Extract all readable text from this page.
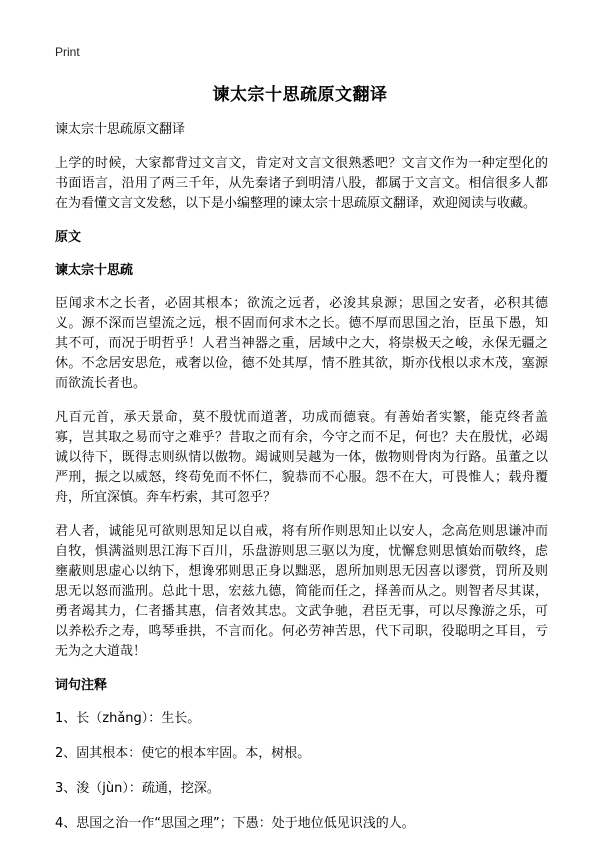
Print
谏太宗十思疏原文翻译
谏太宗十思疏原文翻译

上学的时候，大家都背过文言文，肯定对文言文很熟悉吧？文言文作为一种定型化的书面语言，沿用了两三千年，从先秦诸子到明清八股，都属于文言文。相信很多人都在为看懂文言文发愁，以下是小编整理的谏太宗十思疏原文翻译，欢迎阅读与收藏。

原文
谏太宗十思疏

臣闻求木之长者，必固其根本；欲流之远者，必浚其泉源；思国之安者，必积其德义。源不深而岂望流之远，根不固而何求木之长。德不厚而思国之治，臣虽下愚，知其不可，而况于明哲乎！人君当神器之重，居域中之大，将崇极天之峻，永保无疆之休。不念居安思危，戒奢以俭，德不处其厚，情不胜其欲，斯亦伐根以求木茂，塞源而欲流长者也。

凡百元首，承天景命，莫不殷忧而道著，功成而德衰。有善始者实繁，能克终者盖寡，岂其取之易而守之难乎？昔取之而有余，今守之而不足，何也？夫在殷忧，必竭诚以待下，既得志则纵情以傲物。竭诚则吴越为一体，傲物则骨肉为行路。虽董之以严刑，振之以威怒，终苟免而不怀仁，貌恭而不心服。怨不在大，可畏惟人；载舟覆舟，所宜深慎。奔车朽索，其可忽乎？

君人者，诚能见可欲则思知足以自戒，将有所作则思知止以安人，念高危则思谦冲而自牧，惧满溢则思江海下百川，乐盘游则思三驱以为度，忧懈怠则思慎始而敬终，虑壅蔽则思虚心以纳下，想谗邪则思正身以黜恶，恩所加则思无因喜以谬赏，罚所及则思无以怒而滥刑。总此十思，宏兹九德，简能而任之，择善而从之。则智者尽其谋，勇者竭其力，仁者播其惠，信者效其忠。文武争驰，君臣无事，可以尽豫游之乐，可以养松乔之寿，鸣琴垂拱，不言而化。何必劳神苦思，代下司职，役聪明之耳目，亏无为之大道哉！

词句注释
1、长（zhǎng）：生长。
2、固其根本：使它的根本牢固。本，树根。
3、浚（jùn）：疏通，挖深。
4、思国之治一作“思国之理”；下愚：处于地位低见识浅的人。
